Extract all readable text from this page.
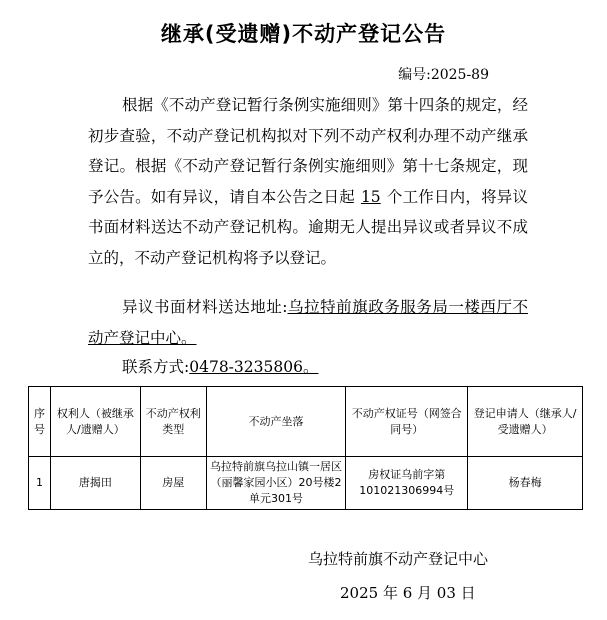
继承(受遗赠)不动产登记公告
编号:2025-89
根据《不动产登记暂行条例实施细则》第十四条的规定，经初步查验，不动产登记机构拟对下列不动产权利办理不动产继承登记。根据《不动产登记暂行条例实施细则》第十七条规定，现予公告。如有异议，请自本公告之日起 15 个工作日内，将异议书面材料送达不动产登记机构。逾期无人提出异议或者异议不成立的，不动产登记机构将予以登记。
异议书面材料送达地址:乌拉特前旗政务服务局一楼西厅不动产登记中心。
联系方式:0478-3235806。
序号	权利人（被继承人/遗赠人）	不动产权利类型	不动产坐落	不动产权证号（网签合同号）	登记申请人（继承人/受遗赠人）
1	唐揭田	房屋	乌拉特前旗乌拉山镇一居区（丽馨家园小区）20号楼2单元301号	房权证乌前字第101021306994号	杨春梅
乌拉特前旗不动产登记中心
2025 年 6 月 03 日
